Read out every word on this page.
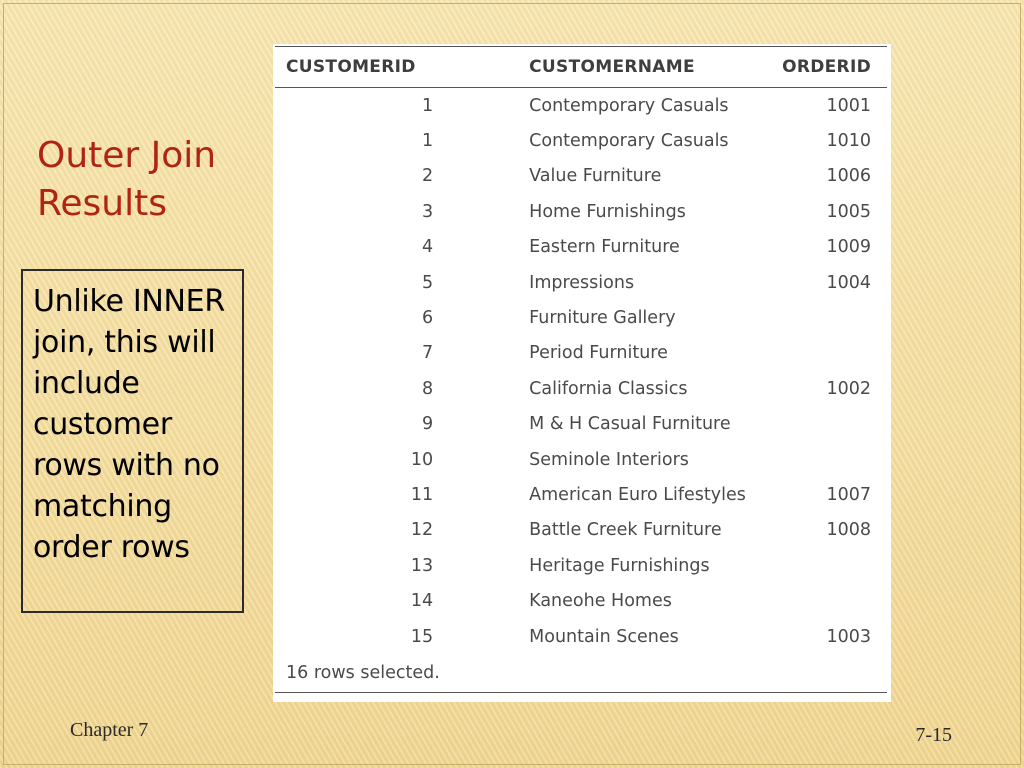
Outer Join Results
Unlike INNER join, this will include customer rows with no matching order rows
CUSTOMERID	CUSTOMERNAME	ORDERID
1	Contemporary Casuals	1001
1	Contemporary Casuals	1010
2	Value Furniture	1006
3	Home Furnishings	1005
4	Eastern Furniture	1009
5	Impressions	1004
6	Furniture Gallery	
7	Period Furniture	
8	California Classics	1002
9	M & H Casual Furniture	
10	Seminole Interiors	
11	American Euro Lifestyles	1007
12	Battle Creek Furniture	1008
13	Heritage Furnishings	
14	Kaneohe Homes	
15	Mountain Scenes	1003
16 rows selected.		
Chapter 7	7-15
